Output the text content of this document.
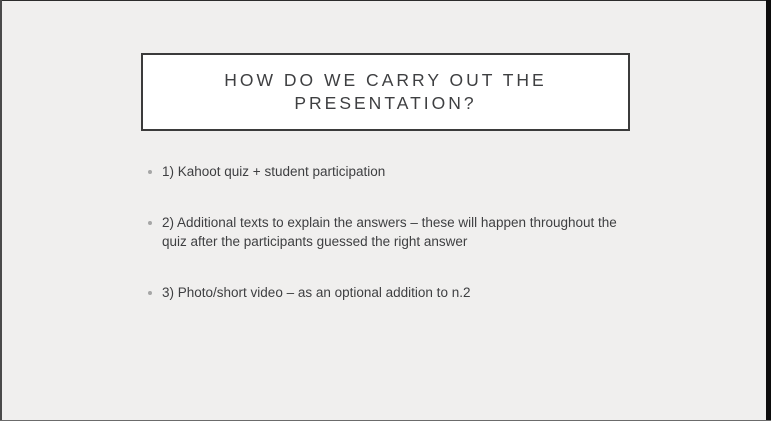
HOW DO WE CARRY OUT THE PRESENTATION?
1) Kahoot quiz + student participation
2) Additional texts to explain the answers – these will happen throughout the quiz after the participants guessed the right answer
3) Photo/short video – as an optional addition to n.2
